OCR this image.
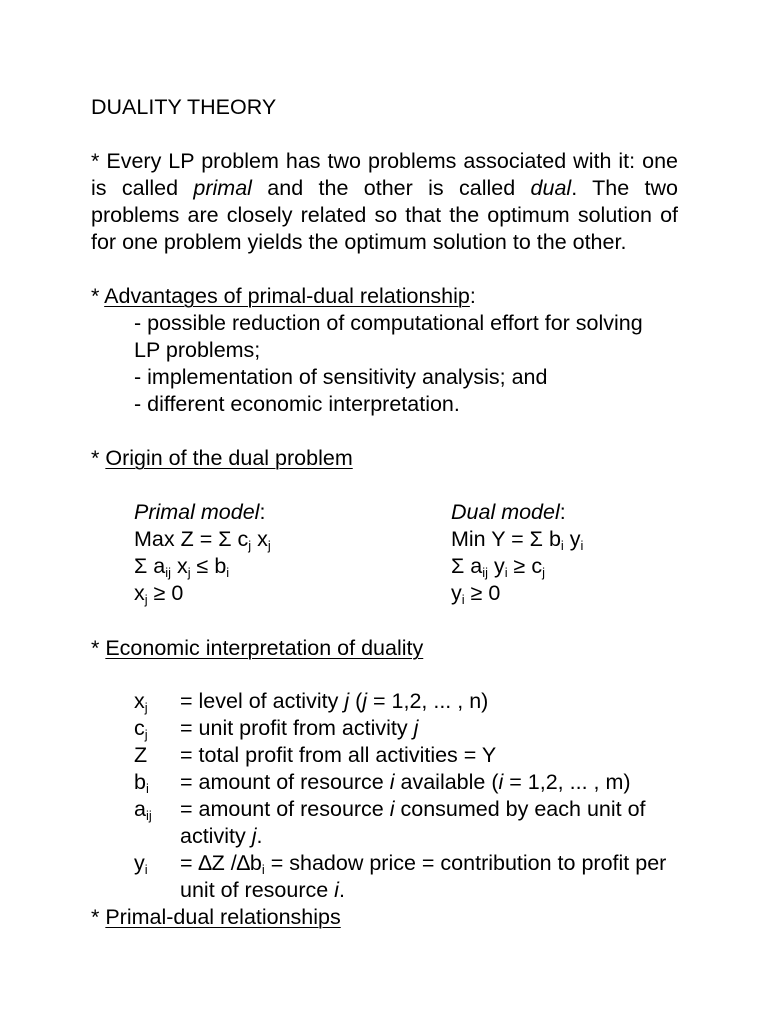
DUALITY THEORY
* Every LP problem has two problems associated with it: one
is called primal and the other is called dual. The two
problems are closely related so that the optimum solution of
for one problem yields the optimum solution to the other.
* Advantages of primal-dual relationship:
- possible reduction of computational effort for solving
LP problems;
- implementation of sensitivity analysis; and
- different economic interpretation.
* Origin of the dual problem
Primal model:	Dual model:
Max Z = Σ $c_j$ $x_j$	Min Y = Σ $b_i$ $y_i$
Σ $a_{ij}$ $x_j \le b_i$	Σ $a_{ij}$ $y_i \ge c_j$
$x_j \ge 0$	$y_i \ge 0$
* Economic interpretation of duality
$x_j$ = level of activity j (j = 1,2, ... , n)
$c_j$ = unit profit from activity j
Z = total profit from all activities = Y
$b_i$ = amount of resource i available (i = 1,2, ... , m)
$a_{ij}$ = amount of resource i consumed by each unit of
activity j.
$y_i = \Delta Z$ $/\Delta b_i$ = shadow price = contribution to profit per
unit of resource i.
* Primal-dual relationships
